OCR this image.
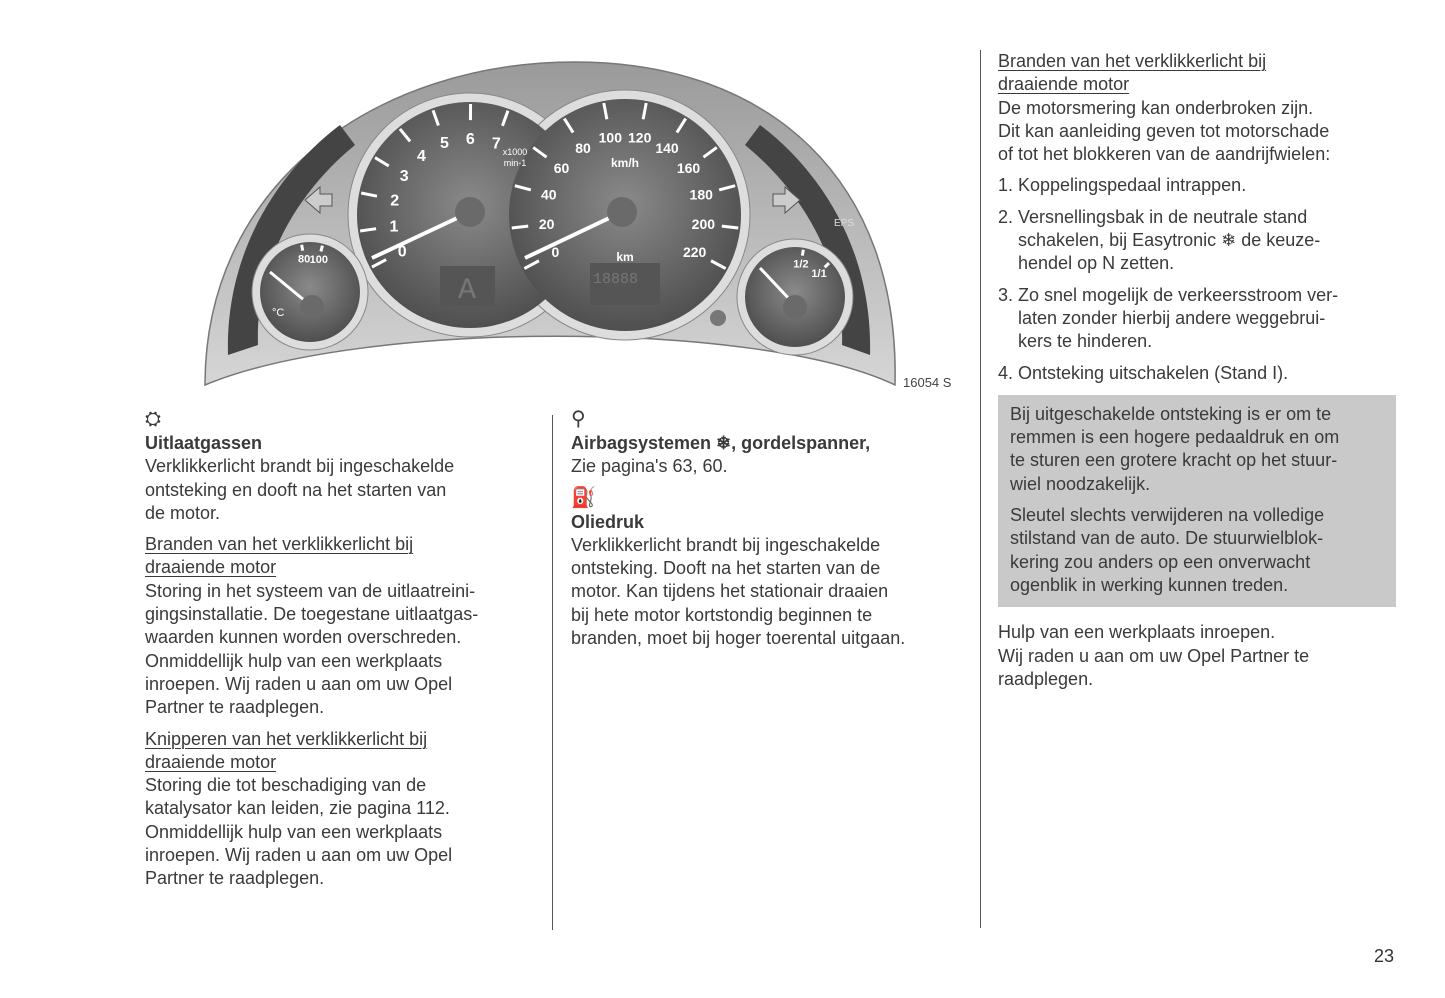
0
1
2
3
4
5 6 7
0
20
40
60
80
100 120
140
160
180
200
220
80 100	1/2
1/1
A	18888
x1000
min-1	km/h
km
°C
EPS
16054 S
⛭
Uitlaatgassen
Verklikkerlicht brandt bij ingeschakelde
ontsteking en dooft na het starten van
de motor.
Branden van het verklikkerlicht bij
draaiende motor
Storing in het systeem van de uitlaatreini-
gingsinstallatie. De toegestane uitlaatgas-
waarden kunnen worden overschreden.
Onmiddellijk hulp van een werkplaats
inroepen. Wij raden u aan om uw Opel
Partner te raadplegen.
Knipperen van het verklikkerlicht bij
draaiende motor
Storing die tot beschadiging van de
katalysator kan leiden, zie pagina 112.
Onmiddellijk hulp van een werkplaats
inroepen. Wij raden u aan om uw Opel
Partner te raadplegen.
⚲
Airbagsystemen ❄, gordelspanner,
Zie pagina's 63, 60.
⛽
Oliedruk
Verklikkerlicht brandt bij ingeschakelde
ontsteking. Dooft na het starten van de
motor. Kan tijdens het stationair draaien
bij hete motor kortstondig beginnen te
branden, moet bij hoger toerental uitgaan.
Branden van het verklikkerlicht bij
draaiende motor
De motorsmering kan onderbroken zijn.
Dit kan aanleiding geven tot motorschade
of tot het blokkeren van de aandrijfwielen:
1. Koppelingspedaal intrappen.
2. Versnellingsbak in de neutrale stand
schakelen, bij Easytronic ❄ de keuze-
hendel op N zetten.
3. Zo snel mogelijk de verkeersstroom ver-
laten zonder hierbij andere weggebrui-
kers te hinderen.
4. Ontsteking uitschakelen (Stand I).
Bij uitgeschakelde ontsteking is er om te
remmen is een hogere pedaaldruk en om
te sturen een grotere kracht op het stuur-
wiel noodzakelijk.
Sleutel slechts verwijderen na volledige
stilstand van de auto. De stuurwielblok-
kering zou anders op een onverwacht
ogenblik in werking kunnen treden.
Hulp van een werkplaats inroepen.
Wij raden u aan om uw Opel Partner te
raadplegen.
23
